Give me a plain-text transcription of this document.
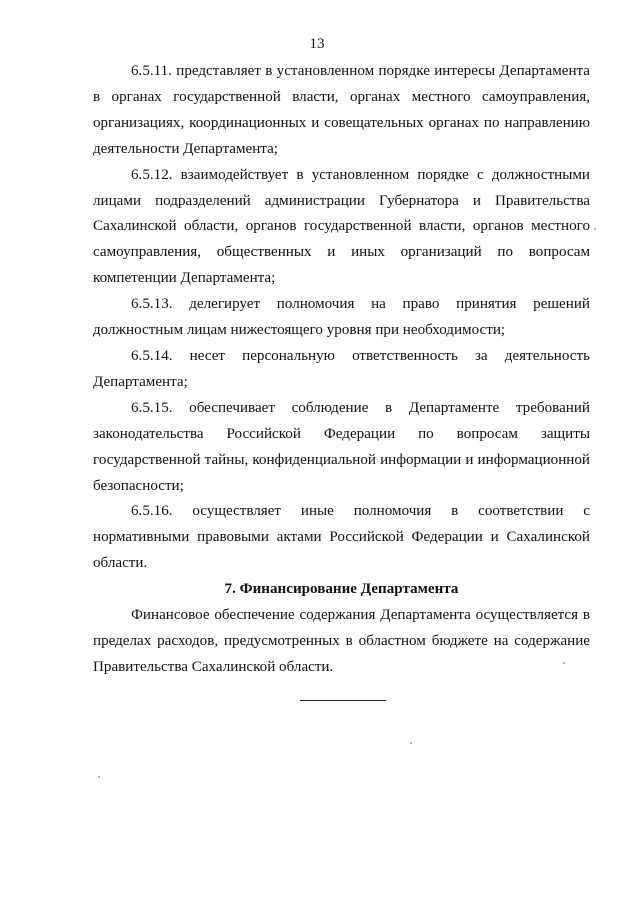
13

6.5.11. представляет в установленном порядке интересы Департамента в органах государственной власти, органах местного самоуправления, организациях, координационных и совещательных органах по направлению деятельности Департамента;

6.5.12. взаимодействует в установленном порядке с должностными лицами подразделений администрации Губернатора и Правительства Сахалинской области, органов государственной власти, органов местного самоуправления, общественных и иных организаций по вопросам компетенции Департамента;

6.5.13. делегирует полномочия на право принятия решений должностным лицам нижестоящего уровня при необходимости;

6.5.14. несет персональную ответственность за деятельность Департамента;

6.5.15. обеспечивает соблюдение в Департаменте требований законодательства Российской Федерации по вопросам защиты государственной тайны, конфиденциальной информации и информационной безопасности;

6.5.16. осуществляет иные полномочия в соответствии с нормативными правовыми актами Российской Федерации и Сахалинской области.

7. Финансирование Департамента

Финансовое обеспечение содержания Департамента осуществляется в пределах расходов, предусмотренных в областном бюджете на содержание Правительства Сахалинской области.
